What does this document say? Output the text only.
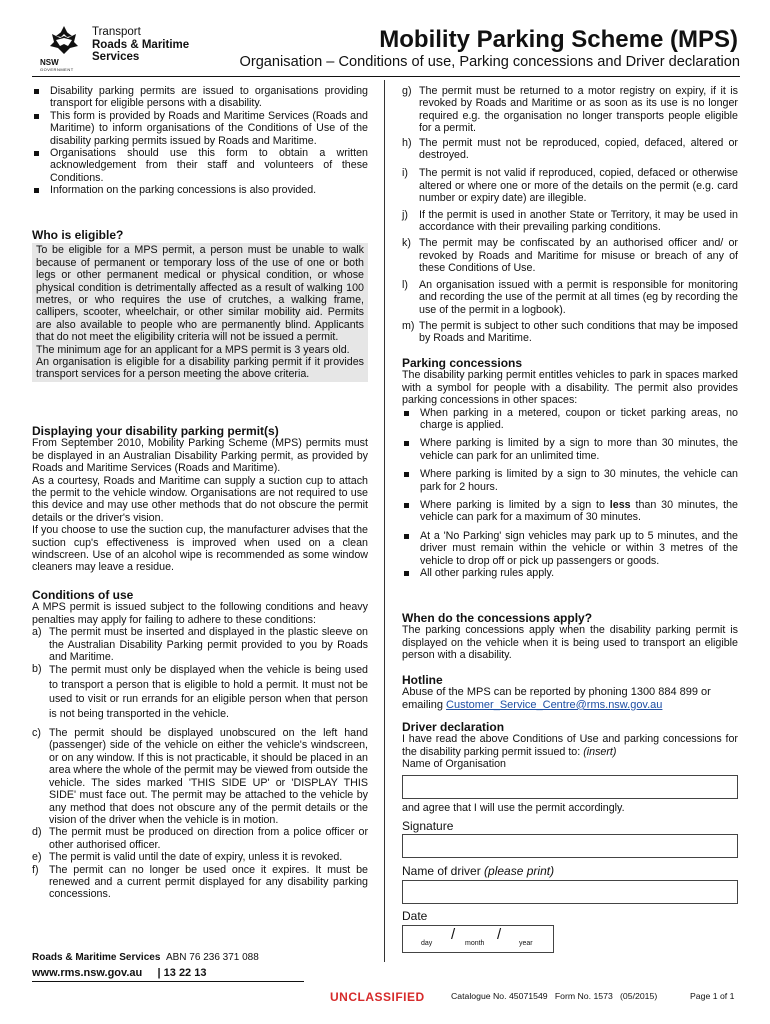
Transport
Roads & Maritime
Services
NSW
GOVERNMENT
Mobility Parking Scheme (MPS)
Organisation – Conditions of use, Parking concessions and Driver declaration
Disability parking permits are issued to organisations providing transport for eligible persons with a disability.
This form is provided by Roads and Maritime Services (Roads and Maritime) to inform organisations of the Conditions of Use of the disability parking permits issued by Roads and Maritime.
Organisations should use this form to obtain a written acknowledgement from their staff and volunteers of these Conditions.
Information on the parking concessions is also provided.

Who is eligible?

To be eligible for a MPS permit, a person must be unable to walk because of permanent or temporary loss of the use of one or both legs or other permanent medical or physical condition, or whose physical condition is detrimentally affected as a result of walking 100 metres, or who requires the use of crutches, a walking frame, callipers, scooter, wheelchair, or other similar mobility aid. Permits are also available to people who are permanently blind. Applicants that do not meet the eligibility criteria will not be issued a permit.

The minimum age for an applicant for a MPS permit is 3 years old.

An organisation is eligible for a disability parking permit if it provides transport services for a person meeting the above criteria.

Displaying your disability parking permit(s)

From September 2010, Mobility Parking Scheme (MPS) permits must be displayed in an Australian Disability Parking permit, as provided by Roads and Maritime Services (Roads and Maritime).

As a courtesy, Roads and Maritime can supply a suction cup to attach the permit to the vehicle window. Organisations are not required to use this device and may use other methods that do not obscure the permit details or the driver's vision.

If you choose to use the suction cup, the manufacturer advises that the suction cup's effectiveness is improved when used on a clean windscreen. Use of an alcohol wipe is recommended as some window cleaners may leave a residue.

Conditions of use

A MPS permit is issued subject to the following conditions and heavy penalties may apply for failing to adhere to these conditions:

a) The permit must be inserted and displayed in the plastic sleeve on the Australian Disability Parking permit provided to you by Roads and Maritime.
b) The permit must only be displayed when the vehicle is being used to transport a person that is eligible to hold a permit. It must not be used to visit or run errands for an eligible person when that person is not being transported in the vehicle.
c) The permit should be displayed unobscured on the left hand (passenger) side of the vehicle on either the vehicle's windscreen, or on any window. If this is not practicable, it should be placed in an area where the whole of the permit may be viewed from outside the vehicle. The sides marked 'THIS SIDE UP' or 'DISPLAY THIS SIDE' must face out. The permit may be attached to the vehicle by any method that does not obscure any of the permit details or the vision of the driver when the vehicle is in motion.
d) The permit must be produced on direction from a police officer or other authorised officer.
e) The permit is valid until the date of expiry, unless it is revoked.
f) The permit can no longer be used once it expires. It must be renewed and a current permit displayed for any disability parking concessions.
g) The permit must be returned to a motor registry on expiry, if it is revoked by Roads and Maritime or as soon as its use is no longer required e.g. the organisation no longer transports people eligible for a permit.
h) The permit must not be reproduced, copied, defaced, altered or destroyed.
i)	The permit is not valid if reproduced, copied, defaced or otherwise altered or where one or more of the details on the permit (e.g. card number or expiry date) are illegible.
j)	If the permit is used in another State or Territory, it may be used in accordance with their prevailing parking conditions.
k) The permit may be confiscated by an authorised officer and/ or revoked by Roads and Maritime for misuse or breach of any of these Conditions of Use.
l)	An organisation issued with a permit is responsible for monitoring and recording the use of the permit at all times (eg by recording the use of the permit in a logbook).
m) The permit is subject to other such conditions that may be imposed by Roads and Maritime.

Parking concessions

The disability parking permit entitles vehicles to park in spaces marked with a symbol for people with a disability. The permit also provides parking concessions in other spaces:

When parking in a metered, coupon or ticket parking areas, no charge is applied.
Where parking is limited by a sign to more than 30 minutes, the vehicle can park for an unlimited time.
Where parking is limited by a sign to 30 minutes, the vehicle can park for 2 hours.
Where parking is limited by a sign to less than 30 minutes, the vehicle can park for a maximum of 30 minutes.
At a 'No Parking' sign vehicles may park up to 5 minutes, and the driver must remain within the vehicle or within 3 metres of the vehicle to drop off or pick up passengers or goods.
All other parking rules apply.

When do the concessions apply?

The parking concessions apply when the disability parking permit is displayed on the vehicle when it is being used to transport an eligible person with a disability.

Hotline

Abuse of the MPS can be reported by phoning 1300 884 899 or emailing Customer_Service_Centre@rms.nsw.gov.au

Driver declaration

I have read the above Conditions of Use and parking concessions for the disability parking permit issued to: (insert)

Name of Organisation

and agree that I will use the permit accordingly.
Signature
Name of driver (please print)
Date
/	/
day	month	year
Roads & Maritime Services ABN 76 236 371 088
www.rms.nsw.gov.au | 13 22 13
UNCLASSIFIED	Catalogue No. 45071549   Form No. 1573   (05/2015)	Page 1 of 1
